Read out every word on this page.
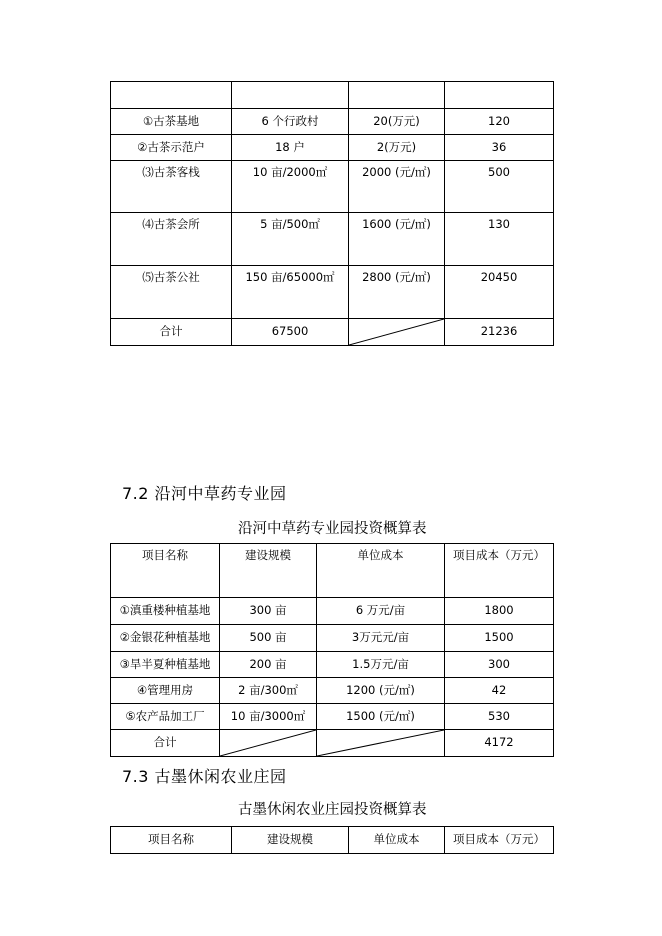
①古茶基地	6 个行政村	20(万元)	120
②古茶示范户	18 户	2(万元)	36
⑶古茶客栈	10 亩/2000㎡	2000 (元/㎡)	500
⑷古茶会所	5 亩/500㎡	1600 (元/㎡)	130
⑸古茶公社	150 亩/65000㎡	2800 (元/㎡)	20450
合计	67500		21236
7.2 沿河中草药专业园
沿河中草药专业园投资概算表
项目名称	建设规模	单位成本	项目成本（万元）
①滇重楼种植基地	300 亩	6 万元/亩	1800
②金银花种植基地	500 亩	3万元元/亩	1500
③旱半夏种植基地	200 亩	1.5万元/亩	300
④管理用房	2 亩/300㎡	1200 (元/㎡)	42
⑤农产品加工厂	10 亩/3000㎡	1500 (元/㎡)	530
合计			4172
7.3 古墨休闲农业庄园
古墨休闲农业庄园投资概算表
项目名称	建设规模	单位成本	项目成本（万元）
